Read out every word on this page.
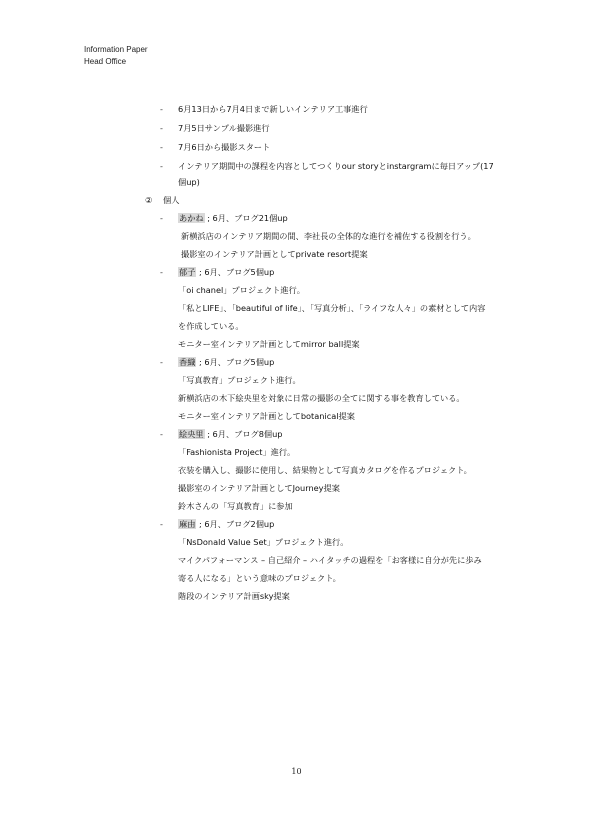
Information Paper
Head Office
- 6月13日から7月4日まで新しいインテリア工事進行
- 7月5日サンプル撮影進行
- 7月6日から撮影スタート
- インテリア期間中の課程を内容としてつくりour storyとinstargramに毎日アップ(17
個up)
② 個人
- あかね ; 6月、ブログ21個up
新横浜店のインテリア期間の間、李社長の全体的な進行を補佐する役割を行う。
撮影室のインテリア計画としてprivate resort提案
- 郁子 ; 6月、ブログ5個up
「oi chanel」プロジェクト進行。
「私とLIFE」、「beautiful of life」、「写真分析」、「ライフな人々」の素材として内容
を作成している。
モニター室インテリア計画としてmirror ball提案
- 香織 ; 6月、ブログ5個up
「写真教育」プロジェクト進行。
新横浜店の木下絵央里を対象に日常の撮影の全てに関する事を教育している。
モニター室インテリア計画としてbotanical提案
- 絵央里 ; 6月、ブログ8個up
「Fashionista Project」進行。
衣装を購入し、撮影に使用し、結果物として写真カタログを作るプロジェクト。
撮影室のインテリア計画としてJourney提案
鈴木さんの「写真教育」に参加
- 麻由 ; 6月、ブログ2個up
「NsDonald Value Set」プロジェクト進行。
マイクパフォーマンス – 自己紹介 – ハイタッチの過程を「お客様に自分が先に歩み
寄る人になる」という意味のプロジェクト。
階段のインテリア計画sky提案
10
